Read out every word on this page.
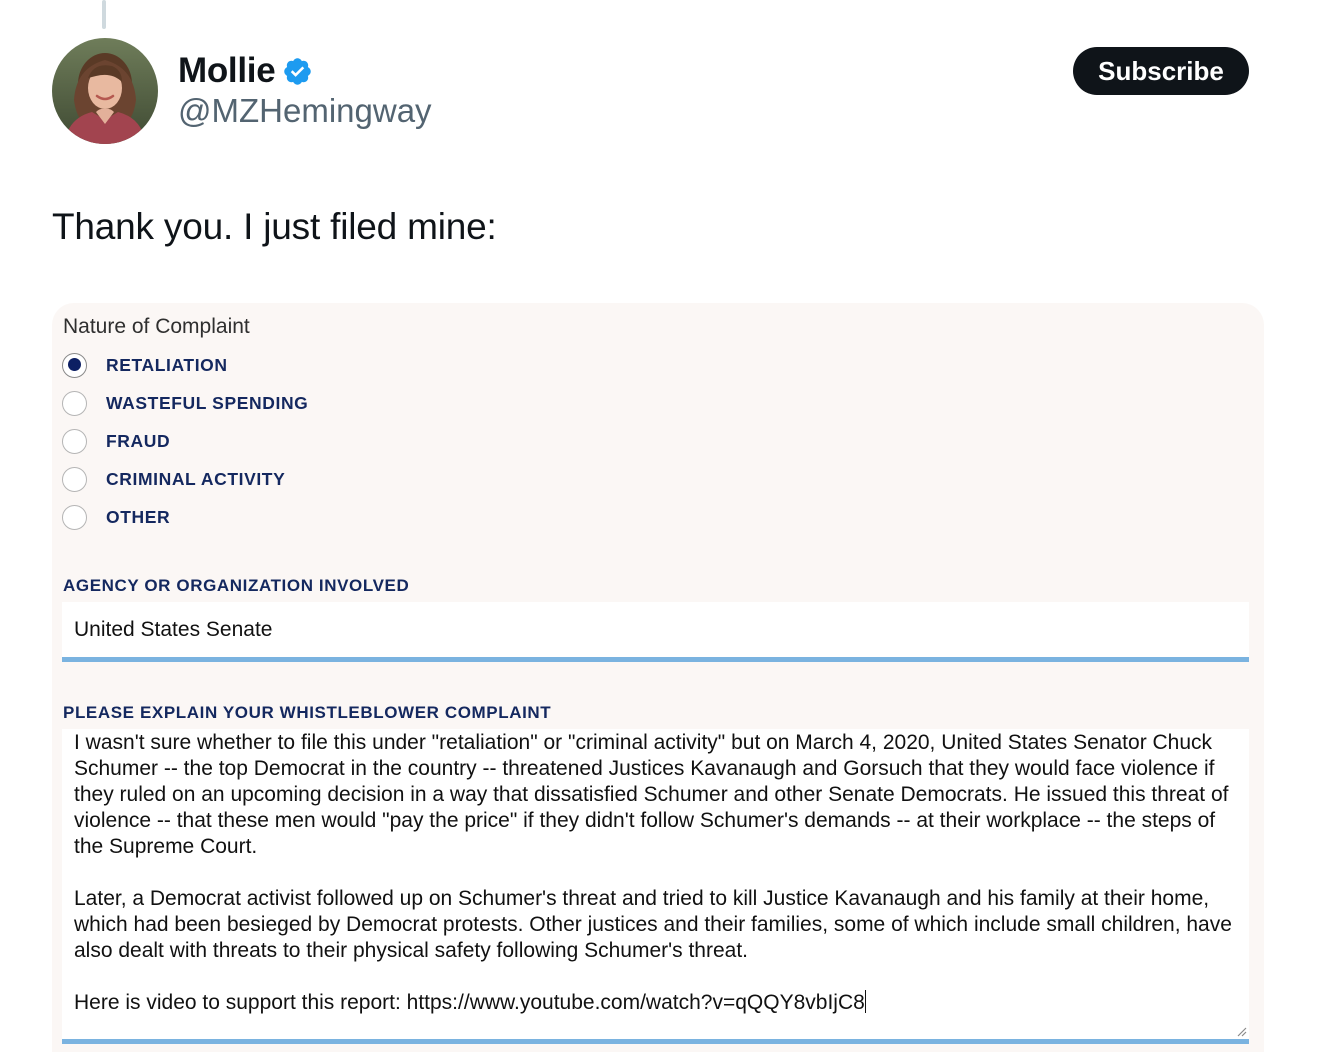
Mollie
@MZHemingway
Subscribe
Thank you. I just filed mine:
Nature of Complaint
RETALIATION
WASTEFUL SPENDING
FRAUD
CRIMINAL ACTIVITY
OTHER
AGENCY OR ORGANIZATION INVOLVED
United States Senate
PLEASE EXPLAIN YOUR WHISTLEBLOWER COMPLAINT
I wasn't sure whether to file this under "retaliation" or "criminal activity" but on March 4, 2020, United States Senator Chuck Schumer -- the top Democrat in the country -- threatened Justices Kavanaugh and Gorsuch that they would face violence if they ruled on an upcoming decision in a way that dissatisfied Schumer and other Senate Democrats. He issued this threat of violence -- that these men would "pay the price" if they didn't follow Schumer's demands -- at their workplace -- the steps of the Supreme Court.

Later, a Democrat activist followed up on Schumer's threat and tried to kill Justice Kavanaugh and his family at their home, which had been besieged by Democrat protests. Other justices and their families, some of which include small children, have also dealt with threats to their physical safety following Schumer's threat.

Here is video to support this report: https://www.youtube.com/watch?v=qQQY8vbIjC8
